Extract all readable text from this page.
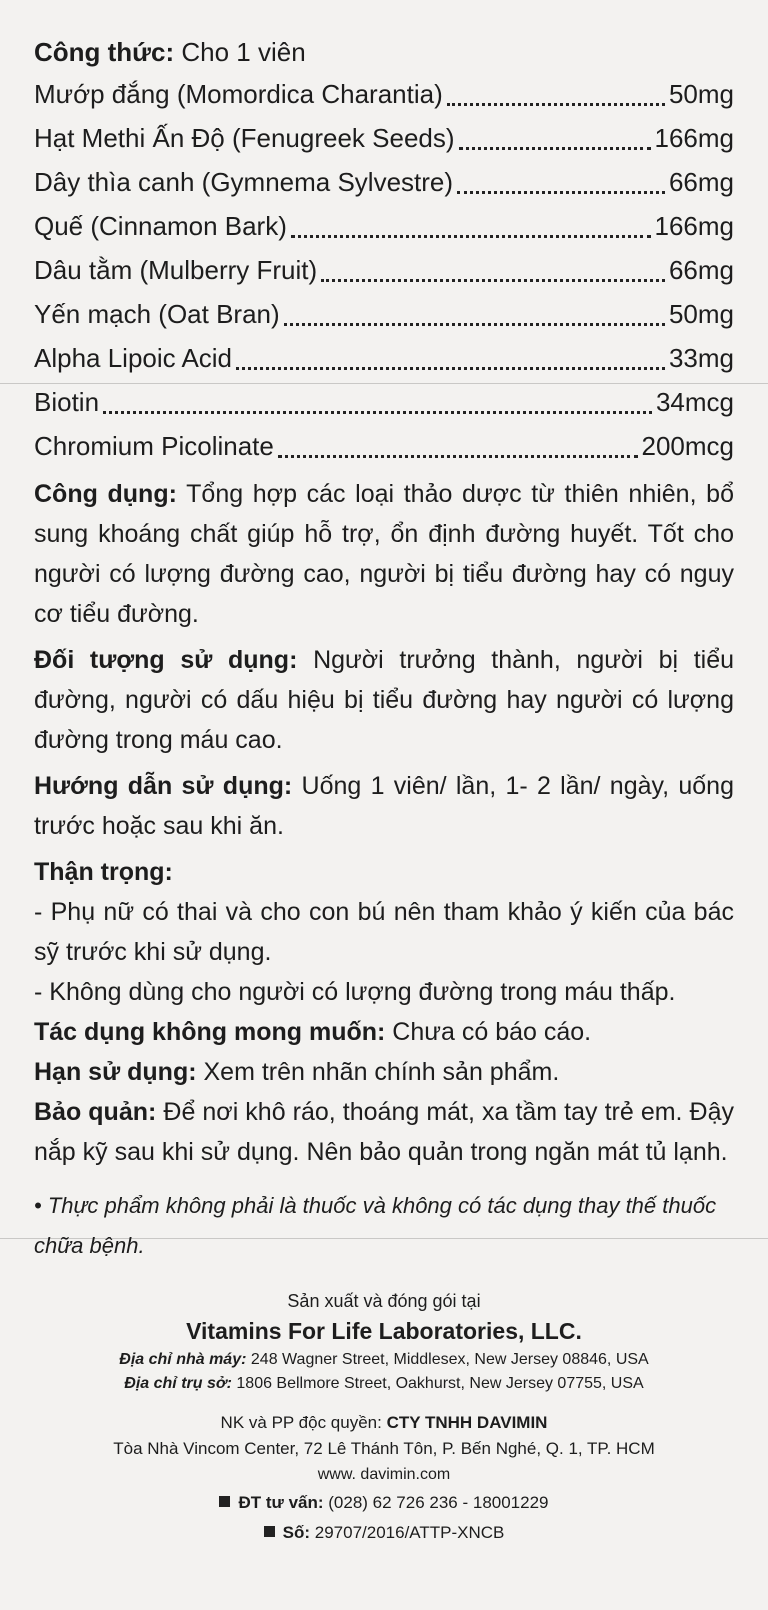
Công thức: Cho 1 viên
Mướp đắng (Momordica Charantia)	50mg
Hạt Methi Ấn Độ (Fenugreek Seeds)	166mg
Dây thìa canh (Gymnema Sylvestre)	66mg
Quế (Cinnamon Bark)	166mg
Dâu tằm (Mulberry Fruit)	66mg
Yến mạch (Oat Bran)	50mg
Alpha Lipoic Acid	33mg
Biotin	34mcg
Chromium Picolinate	200mcg

Công dụng: Tổng hợp các loại thảo dược từ thiên nhiên, bổ sung khoáng chất giúp hỗ trợ, ổn định đường huyết. Tốt cho người có lượng đường cao, người bị tiểu đường hay có nguy cơ tiểu đường.

Đối tượng sử dụng: Người trưởng thành, người bị tiểu đường, người có dấu hiệu bị tiểu đường hay người có lượng đường trong máu cao.

Hướng dẫn sử dụng: Uống 1 viên/ lần, 1- 2 lần/ ngày, uống trước hoặc sau khi ăn.

Thận trọng:

- Phụ nữ có thai và cho con bú nên tham khảo ý kiến của bác sỹ trước khi sử dụng.

- Không dùng cho người có lượng đường trong máu thấp.

Tác dụng không mong muốn: Chưa có báo cáo.

Hạn sử dụng: Xem trên nhãn chính sản phẩm.

Bảo quản: Để nơi khô ráo, thoáng mát, xa tầm tay trẻ em. Đậy nắp kỹ sau khi sử dụng. Nên bảo quản trong ngăn mát tủ lạnh.

• Thực phẩm không phải là thuốc và không có tác dụng thay thế thuốc chữa bệnh.

Sản xuất và đóng gói tại
Vitamins For Life Laboratories, LLC.
Địa chỉ nhà máy: 248 Wagner Street, Middlesex, New Jersey 08846, USA
Địa chỉ trụ sở: 1806 Bellmore Street, Oakhurst, New Jersey 07755, USA
NK và PP độc quyền: CTY TNHH DAVIMIN
Tòa Nhà Vincom Center, 72 Lê Thánh Tôn, P. Bến Nghé, Q. 1, TP. HCM
www. davimin.com
ĐT tư vấn: (028) 62 726 236 - 18001229
Số: 29707/2016/ATTP-XNCB
